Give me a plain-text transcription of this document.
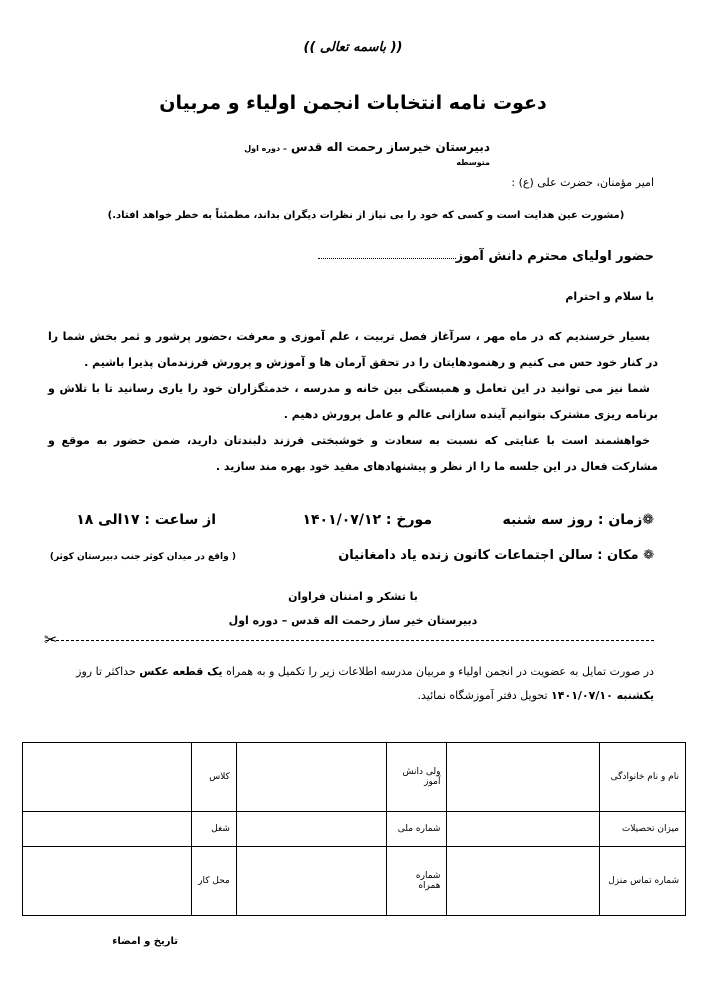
(( باسمه تعالی ))
دعوت نامه انتخابات انجمن اولیاء و مربیان
دبیرستان خیرساز رحمت اله قدس – دوره اول متوسطه
امیر مؤمنان، حضرت علی (ع) :
(مشورت عین هدایت است و کسی که خود را بی نیاز از نظرات دیگران بداند، مطمئناً به خطر خواهد افتاد.)
حضور اولیای محترم دانش آموز
با سلام و احترام

بسیار خرسندیم که در ماه مهر ، سرآغاز فصل تربیت ، علم آموزی و معرفت ،حضور پرشور و ثمر بخش شما را در کنار خود حس می کنیم و رهنمودهایتان را در تحقق آرمان ها و آموزش و پرورش فرزندمان پذیرا باشیم .

شما نیز می توانید در این تعامل و همبستگی بین خانه و مدرسه ، خدمتگزاران خود را یاری رسانید تا با تلاش و برنامه ریزی مشترک بتوانیم آینده سازانی عالم و عامل پرورش دهیم .

خواهشمند است با عنایتی که نسبت به سعادت و خوشبختی فرزند دلبندتان دارید، ضمن حضور به موقع و مشارکت فعال در این جلسه ما را از نظر و پیشنهادهای مفید خود بهره مند سازید .

❁زمان : روز سه شنبه
مورخ : ۱۴۰۱/۰۷/۱۲
از ساعت : ۱۷الی ۱۸
❁ مکان : سالن اجتماعات کانون زنده یاد دامغانیان
( واقع در میدان کوثر جنب دبیرستان کوثر)
با تشکر و امتنان فراوان
دبیرستان خیر ساز رحمت اله قدس – دوره اول
✂
در صورت تمایل به عضویت در انجمن اولیاء و مربیان مدرسه اطلاعات زیر را تکمیل و به همراه یک قطعه عکس حداکثر تا روز یکشنبه ۱۴۰۱/۰۷/۱۰ تحویل دفتر آموزشگاه نمائید.
نام و نام خانوادگی		ولی دانش آموز		کلاس	
میزان تحصیلات		شماره ملی		شغل	
شماره تماس منزل		شماره همراه		محل کار	
تاریخ و امضاء
